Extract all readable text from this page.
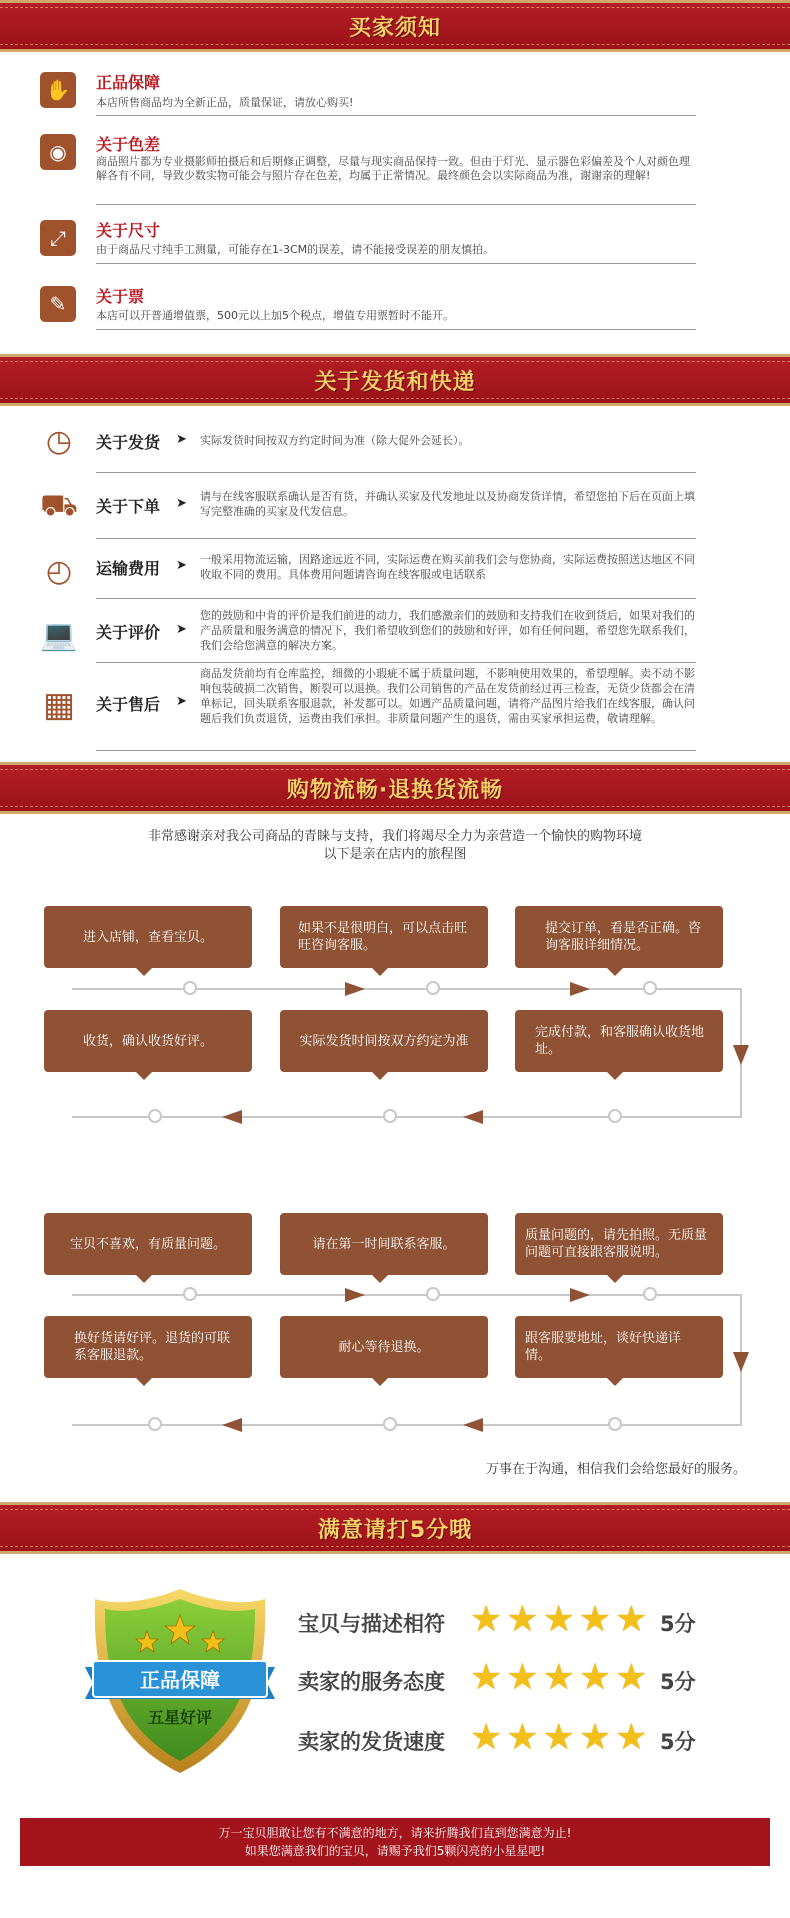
买家须知
✋	正品保障
本店所售商品均为全新正品，质量保证，请放心购买!
◉	关于色差
商品照片都为专业摄影师拍摄后和后期修正调整，尽量与现实商品保持一致。但由于灯光、显示器色彩偏差及个人对颜色理解各有不同，导致少数实物可能会与照片存在色差，均属于正常情况。最终颜色会以实际商品为准，谢谢亲的理解!
⤢	关于尺寸
由于商品尺寸纯手工测量，可能存在1-3CM的误差，请不能接受误差的朋友慎拍。
✎	关于票
本店可以开普通增值票，500元以上加5个税点，增值专用票暂时不能开。
关于发货和快递
◷	关于发货 ➤ 实际发货时间按双方约定时间为准（除大促外会延长）。
⛟ 关于下单 ➤ 请与在线客服联系确认是否有货，并确认买家及代发地址以及协商发货详情，希望您拍下后在页面上填写完整准确的买家及代发信息。
◴	运输费用 ➤ 一般采用物流运输，因路途远近不同，实际运费在购买前我们会与您协商，实际运费按照送达地区不同收取不同的费用。具体费用问题请咨询在线客服或电话联系
💻 关于评价 ➤
您的鼓励和中肯的评价是我们前进的动力，我们感激亲们的鼓励和支持我们在收到货后，如果对我们的产品质量和服务满意的情况下，我们希望收到您们的鼓励和好评，如有任何问题，希望您先联系我们，我们会给您满意的解决方案。
▦ 关于售后 ➤
商品发货前均有仓库监控，细微的小瑕疵不属于质量问题，不影响使用效果的，希望理解。卖不动不影响包装破损二次销售，断裂可以退换。我们公司销售的产品在发货前经过再三检查，无货少货都会在清单标记，回头联系客服退款，补发都可以。如遇产品质量问题，请将产品图片给我们在线客服，确认问题后我们负责退货，运费由我们承担。非质量问题产生的退货，需由买家承担运费，敬请理解。
购物流畅·退换货流畅
非常感谢亲对我公司商品的青睐与支持，我们将竭尽全力为亲营造一个愉快的购物环境
以下是亲在店内的旅程图
进入店铺，查看宝贝。
如果不是很明白，可以点击旺旺咨询客服。
提交订单，看是否正确。咨询客服详细情况。
收货，确认收货好评。	实际发货时间按双方约定为准
完成付款，和客服确认收货地址。
宝贝不喜欢，有质量问题。	请在第一时间联系客服。
质量问题的，请先拍照。无质量问题可直接跟客服说明。
换好货请好评。退货的可联系客服退款。
耐心等待退换。
跟客服要地址，谈好快递详情。
万事在于沟通，相信我们会给您最好的服务。
满意请打5分哦
正品保障
五星好评
宝贝与描述相符 ★ ★ ★ ★ ★ 5分
卖家的服务态度 ★ ★ ★ ★ ★ 5分
卖家的发货速度 ★ ★ ★ ★ ★ 5分
万一宝贝胆敢让您有不满意的地方，请来折腾我们直到您满意为止!
如果您满意我们的宝贝，请赐予我们5颗闪亮的小星星吧!
